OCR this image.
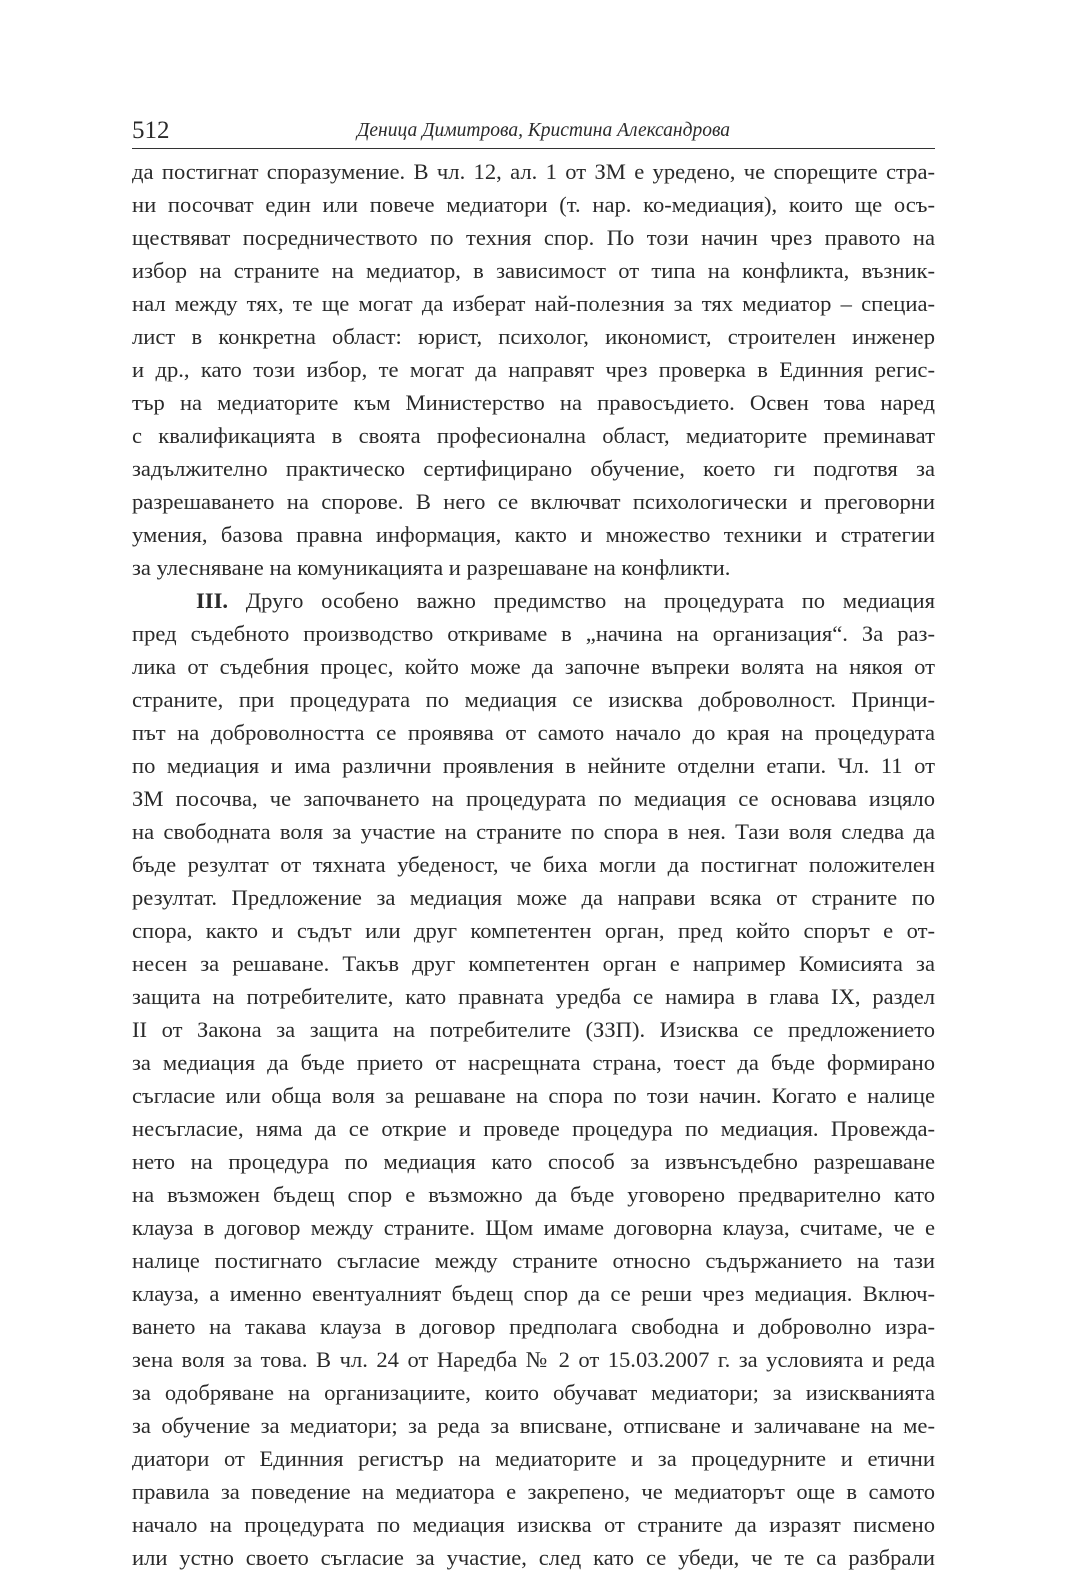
512	Деница Димитрова, Кристина Александрова
да постигнат споразумение. В чл. 12, ал. 1 от ЗМ е уредено, че спорещите стра-
ни посочват един или повече медиатори (т. нар. ко-медиация), които ще осъ-
ществяват посредничеството по техния спор. По този начин чрез правото на
избор на страните на медиатор, в зависимост от типа на конфликта, възник-
нал между тях, те ще могат да изберат най-полезния за тях медиатор – специа-
лист в конкретна област: юрист, психолог, икономист, строителен инженер
и др., като този избор, те могат да направят чрез проверка в Единния регис-
тър на медиаторите към Министерство на правосъдието. Освен това наред
с квалификацията в своята професионална област, медиаторите преминават
задължително практическо сертифицирано обучение, което ги подготвя за
разрешаването на спорове. В него се включват психологически и преговорни
умения, базова правна информация, както и множество техники и стратегии
за улесняване на комуникацията и разрешаване на конфликти.
III. Друго особено важно предимство на процедурата по медиация
пред съдебното производство откриваме в „начина на организация“. За раз-
лика от съдебния процес, който може да започне въпреки волята на някоя от
страните, при процедурата по медиация се изисква доброволност. Принци-
път на доброволността се проявява от самото начало до края на процедурата
по медиация и има различни проявления в нейните отделни етапи. Чл. 11 от
ЗМ посочва, че започването на процедурата по медиация се основава изцяло
на свободната воля за участие на страните по спора в нея. Тази воля следва да
бъде резултат от тяхната убеденост, че биха могли да постигнат положителен
резултат. Предложение за медиация може да направи всяка от страните по
спора, както и съдът или друг компетентен орган, пред който спорът е от-
несен за решаване. Такъв друг компетентен орган е например Комисията за
защита на потребителите, като правната уредба се намира в глава IX, раздел
II от Закона за защита на потребителите (ЗЗП). Изисква се предложението
за медиация да бъде прието от насрещната страна, тоест да бъде формирано
съгласие или обща воля за решаване на спора по този начин. Когато е налице
несъгласие, няма да се открие и проведе процедура по медиация. Провежда-
нето на процедура по медиация като способ за извънсъдебно разрешаване
на възможен бъдещ спор е възможно да бъде уговорено предварително като
клауза в договор между страните. Щом имаме договорна клауза, считаме, че е
налице постигнато съгласие между страните относно съдържанието на тази
клауза, а именно евентуалният бъдещ спор да се реши чрез медиация. Включ-
ването на такава клауза в договор предполага свободна и доброволно изра-
зена воля за това. В чл. 24 от Наредба № 2 от 15.03.2007 г. за условията и реда
за одобряване на организациите, които обучават медиатори; за изискванията
за обучение за медиатори; за реда за вписване, отписване и заличаване на ме-
диатори от Единния регистър на медиаторите и за процедурните и етични
правила за поведение на медиатора е закрепено, че медиаторът още в самото
начало на процедурата по медиация изисква от страните да изразят писмено
или устно своето съгласие за участие, след като се убеди, че те са разбрали
